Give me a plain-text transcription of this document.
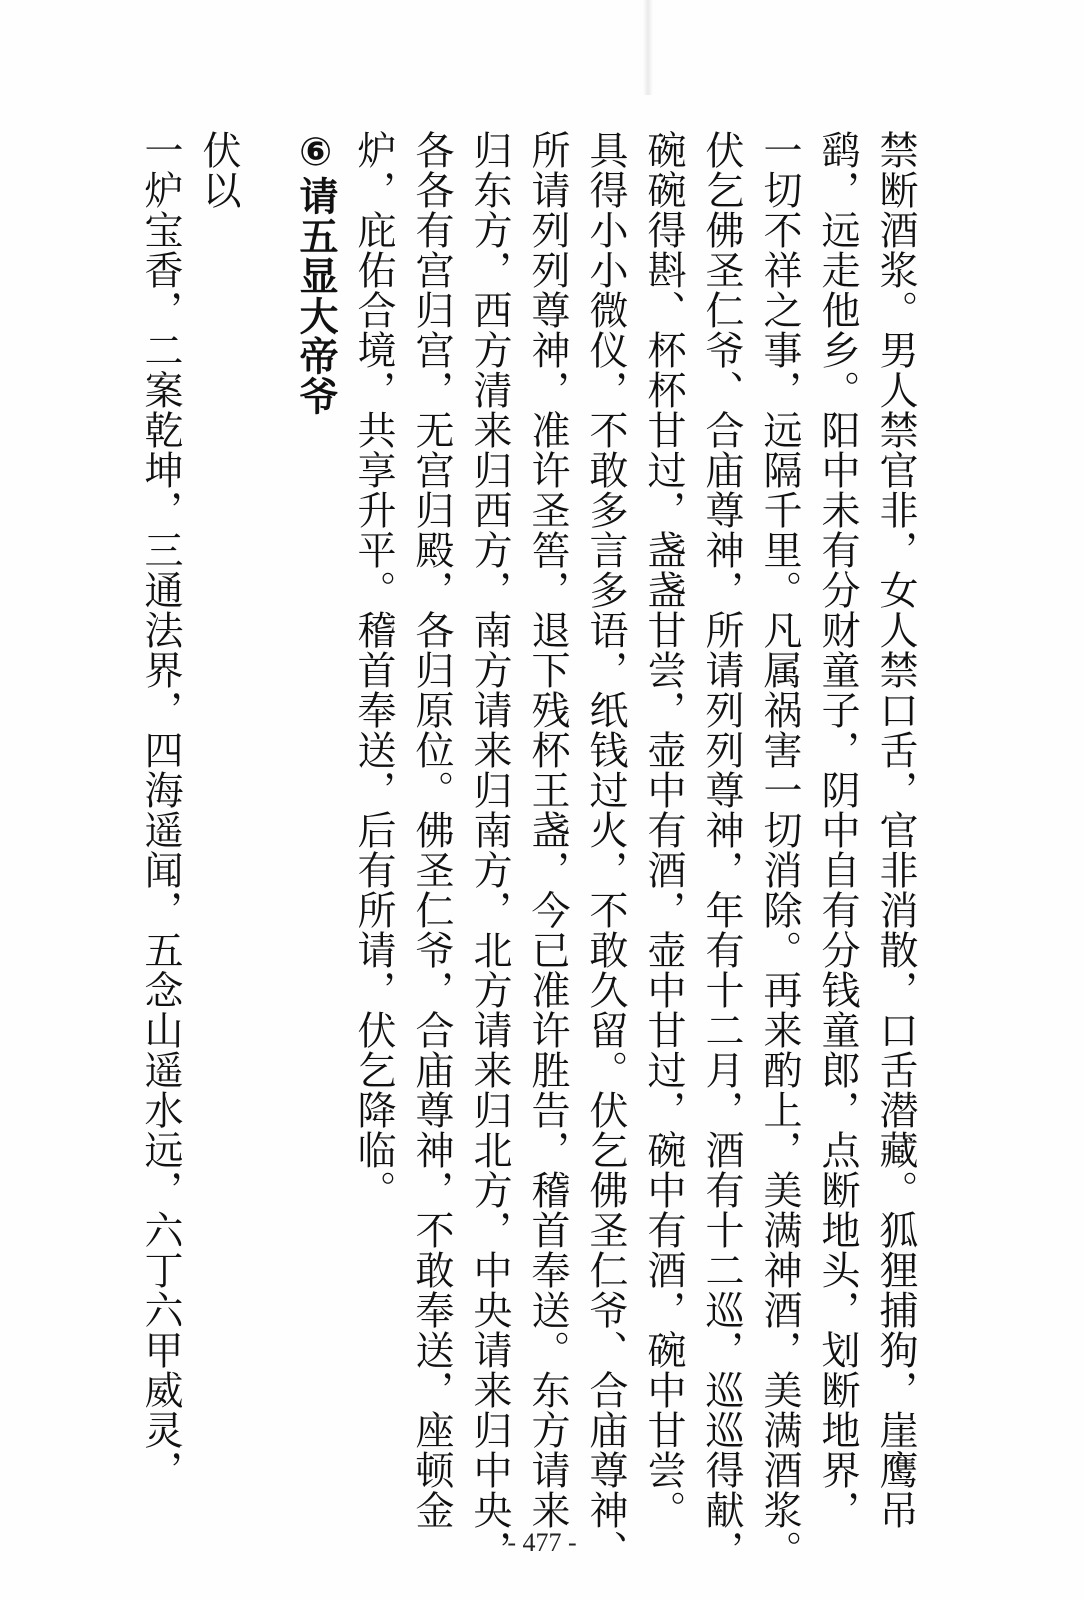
禁断酒浆。男人禁官非，女人禁口舌，官非消散，口舌潜藏。狐狸捕狗，崖鹰吊
鹞，远走他乡。阳中未有分财童子，阴中自有分钱童郎，点断地头，划断地界，
一切不祥之事，远隔千里。凡属祸害一切消除。再来酌上，美满神酒，美满酒浆。
伏乞佛圣仁爷、合庙尊神，所请列列尊神，年有十二月，酒有十二巡，巡巡得献，
碗碗得斟、杯杯甘过，盏盏甘尝，壶中有酒，壶中甘过，碗中有酒，碗中甘尝。
具得小小微仪，不敢多言多语，纸钱过火，不敢久留。伏乞佛圣仁爷、合庙尊神、
所请列列尊神，准许圣筶，退下残杯王盏，今已准许胜告，稽首奉送。东方请来
归东方，西方清来归西方，南方请来归南方，北方请来归北方，中央请来归中央，
各各有宫归宫，无宫归殿，各归原位。佛圣仁爷，合庙尊神，不敢奉送，座顿金
炉，庇佑合境，共享升平。稽首奉送，后有所请，伏乞降临。
⑥请五显大帝爷
伏以
一炉宝香，二案乾坤，三通法界，四海遥闻，五念山遥水远，六丁六甲威灵，
- 477 -
